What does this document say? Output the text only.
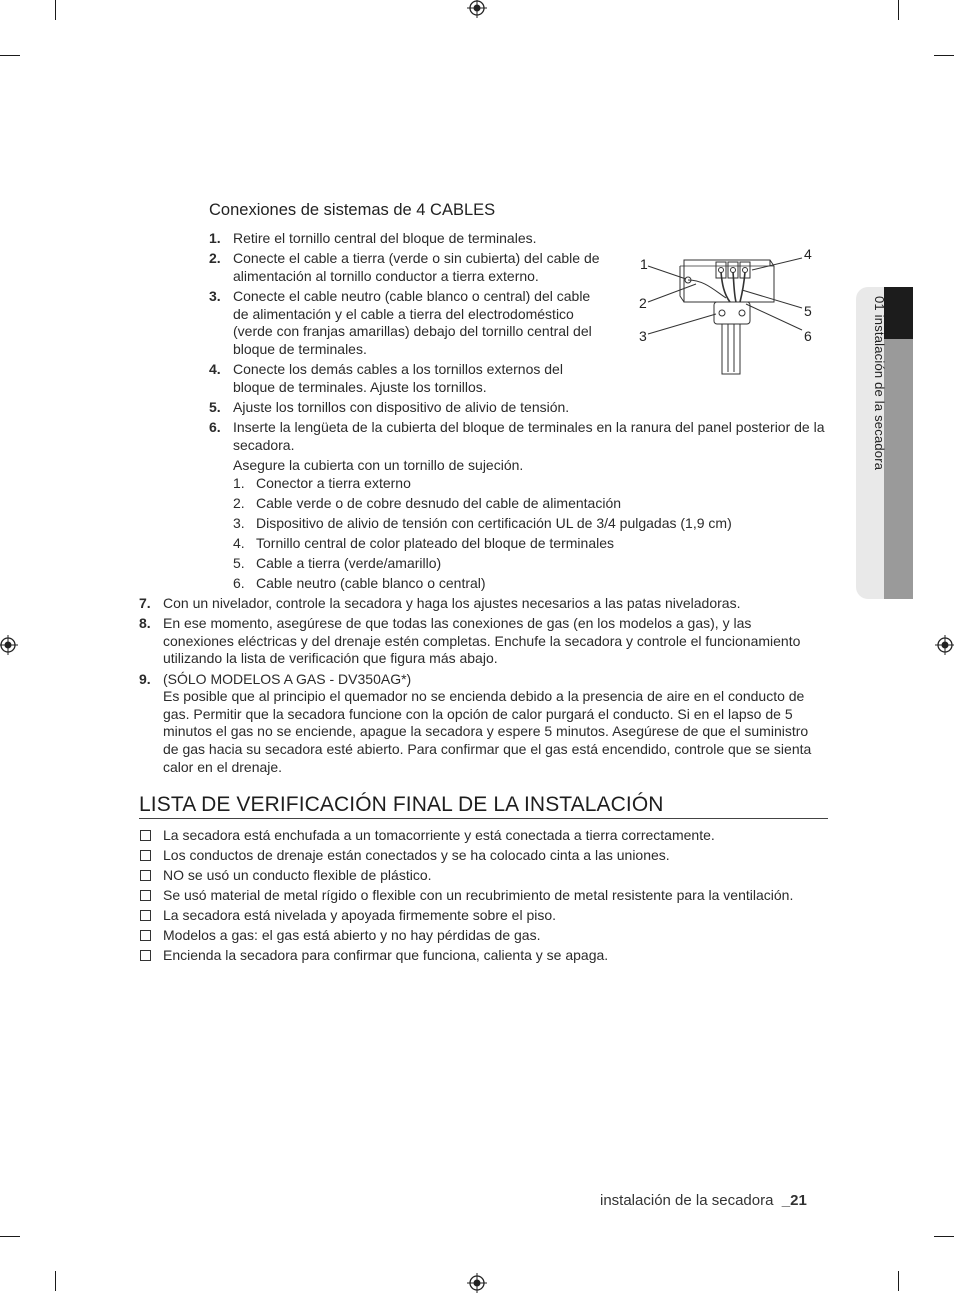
01 instalación de la secadora
Conexiones de sistemas de 4 CABLES
1. Retire el tornillo central del bloque de terminales.
2. Conecte el cable a tierra (verde o sin cubierta) del cable de alimentación al tornillo conductor a tierra externo.
3. Conecte el cable neutro (cable blanco o central) del cable de alimentación y el cable a tierra del electrodoméstico (verde con franjas amarillas) debajo del tornillo central del bloque de terminales.
4. Conecte los demás cables a los tornillos externos del bloque de terminales. Ajuste los tornillos.
5. Ajuste los tornillos con dispositivo de alivio de tensión.
6. Inserte la lengüeta de la cubierta del bloque de terminales en la ranura del panel posterior de la secadora.
Asegure la cubierta con un tornillo de sujeción.
1. Conector a tierra externo
2. Cable verde o de cobre desnudo del cable de alimentación
3. Dispositivo de alivio de tensión con certificación UL de 3/4 pulgadas (1,9 cm)
4. Tornillo central de color plateado del bloque de terminales
5. Cable a tierra (verde/amarillo)
6. Cable neutro (cable blanco o central)
7. Con un nivelador, controle la secadora y haga los ajustes necesarios a las patas niveladoras.
8. En ese momento, asegúrese de que todas las conexiones de gas (en los modelos a gas), y las conexiones eléctricas y del drenaje estén completas. Enchufe la secadora y controle el funcionamiento utilizando la lista de verificación que figura más abajo.
9. (SÓLO MODELOS A GAS - DV350AG*)
Es posible que al principio el quemador no se encienda debido a la presencia de aire en el conducto de gas. Permitir que la secadora funcione con la opción de calor purgará el conducto. Si en el lapso de 5 minutos el gas no se enciende, apague la secadora y espere 5 minutos. Asegúrese de que el suministro de gas hacia su secadora esté abierto. Para confirmar que el gas está encendido, controle que se sienta calor en el drenaje.
LISTA DE VERIFICACIÓN FINAL DE LA INSTALACIÓN
La secadora está enchufada a un tomacorriente y está conectada a tierra correctamente.
Los conductos de drenaje están conectados y se ha colocado cinta a las uniones.
NO se usó un conducto flexible de plástico.
Se usó material de metal rígido o flexible con un recubrimiento de metal resistente para la ventilación.
La secadora está nivelada y apoyada firmemente sobre el piso.
Modelos a gas: el gas está abierto y no hay pérdidas de gas.
Encienda la secadora para confirmar que funciona, calienta y se apaga.
1
2
3
4
5
6
instalación de la secadora _21
